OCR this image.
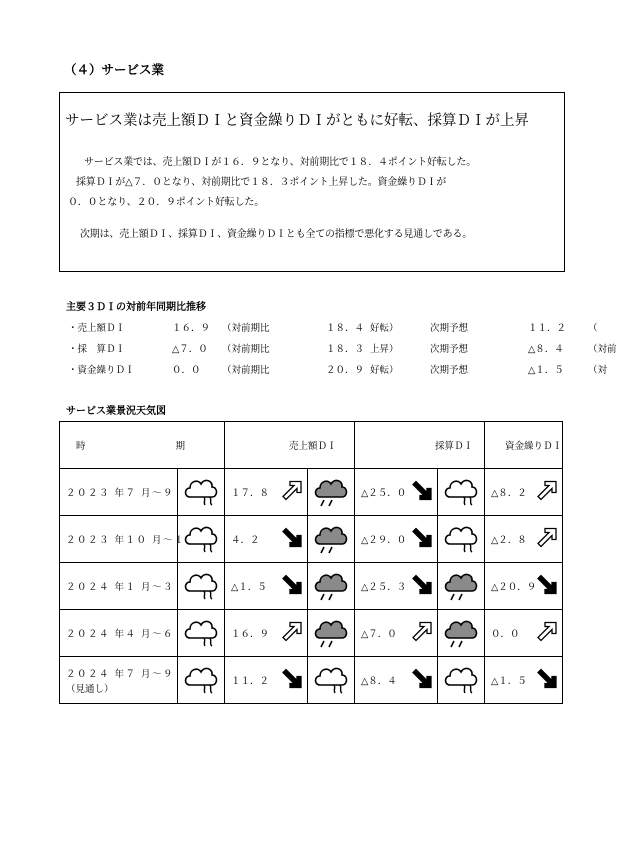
（４）サービス業
サービス業は売上額ＤＩと資金繰りＤＩがともに好転、採算ＤＩが上昇

サービス業では、売上額ＤＩが１６．９となり、対前期比で１８．４ポイント好転した。

採算ＤＩが△７．０となり、対前期比で１８．３ポイント上昇した。資金繰りＤＩが

０．０となり、２０．９ポイント好転した。

次期は、売上額ＤＩ、採算ＤＩ、資金繰りＤＩとも全ての指標で悪化する見通しである。

主要３ＤＩの対前年同期比推移
・売上額ＤＩ	１６．９ （対前期比	１８．４ 好転）	次期予想	１１．２ （
・採　算ＤＩ	△７．０ （対前期比	１８．３ 上昇）	次期予想	△８．４	（対前
・資金繰りＤＩ	０．０ （対前期比	２０．９ 好転）	次期予想	△１．５	（対
サービス業景況天気図
時	期	売上額ＤＩ		採算ＤＩ		資金繰りＤＩ

２０２３ 年７ 月〜９		１７．８		△２５．０		△８．２

２０２３ 年１０ 月〜１		４．２		△２９．０		△２．８

２０２４ 年１ 月〜３		△１．５		△２５．３		△２０．９

２０２４ 年４ 月〜６		１６．９		△７．０		０．０

２０２４ 年７ 月〜９
（見通し）		１１．２		△８．４		△１．５
